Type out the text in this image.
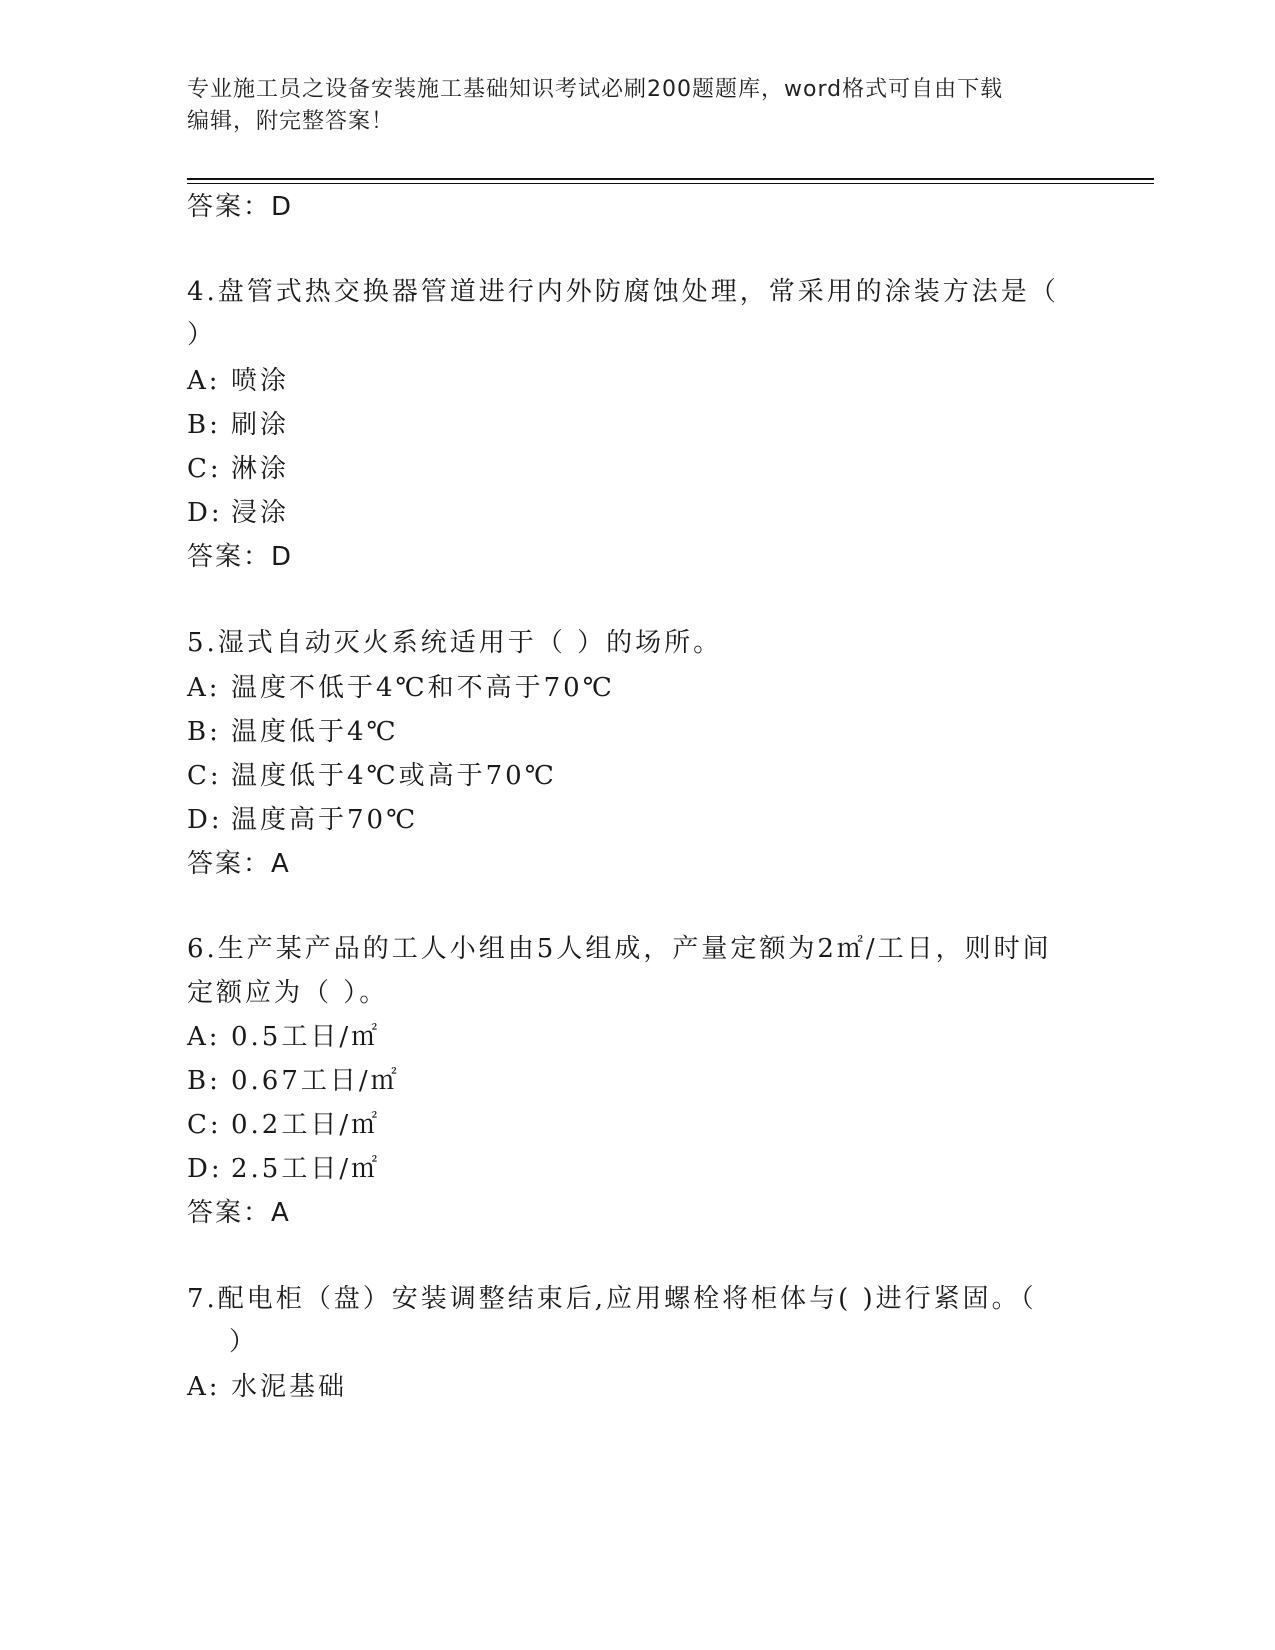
专业施工员之设备安装施工基础知识考试必刷200题题库，word格式可自由下载
编辑，附完整答案！
答案：D
4.盘管式热交换器管道进行内外防腐蚀处理，常采用的涂装方法是（
）
A: 喷涂
B: 刷涂
C: 淋涂
D: 浸涂
答案：D
5.湿式自动灭火系统适用于（ ）的场所。
A: 温度不低于4℃和不高于70℃
B: 温度低于4℃
C: 温度低于4℃或高于70℃
D: 温度高于70℃
答案：A
6.生产某产品的工人小组由5人组成，产量定额为2㎡/工日，则时间
定额应为（ ）。
A: 0.5工日/㎡
B: 0.67工日/㎡
C: 0.2工日/㎡
D: 2.5工日/㎡
答案：A
7.配电柜（盘）安装调整结束后,应用螺栓将柜体与( )进行紧固。（
）
A: 水泥基础
